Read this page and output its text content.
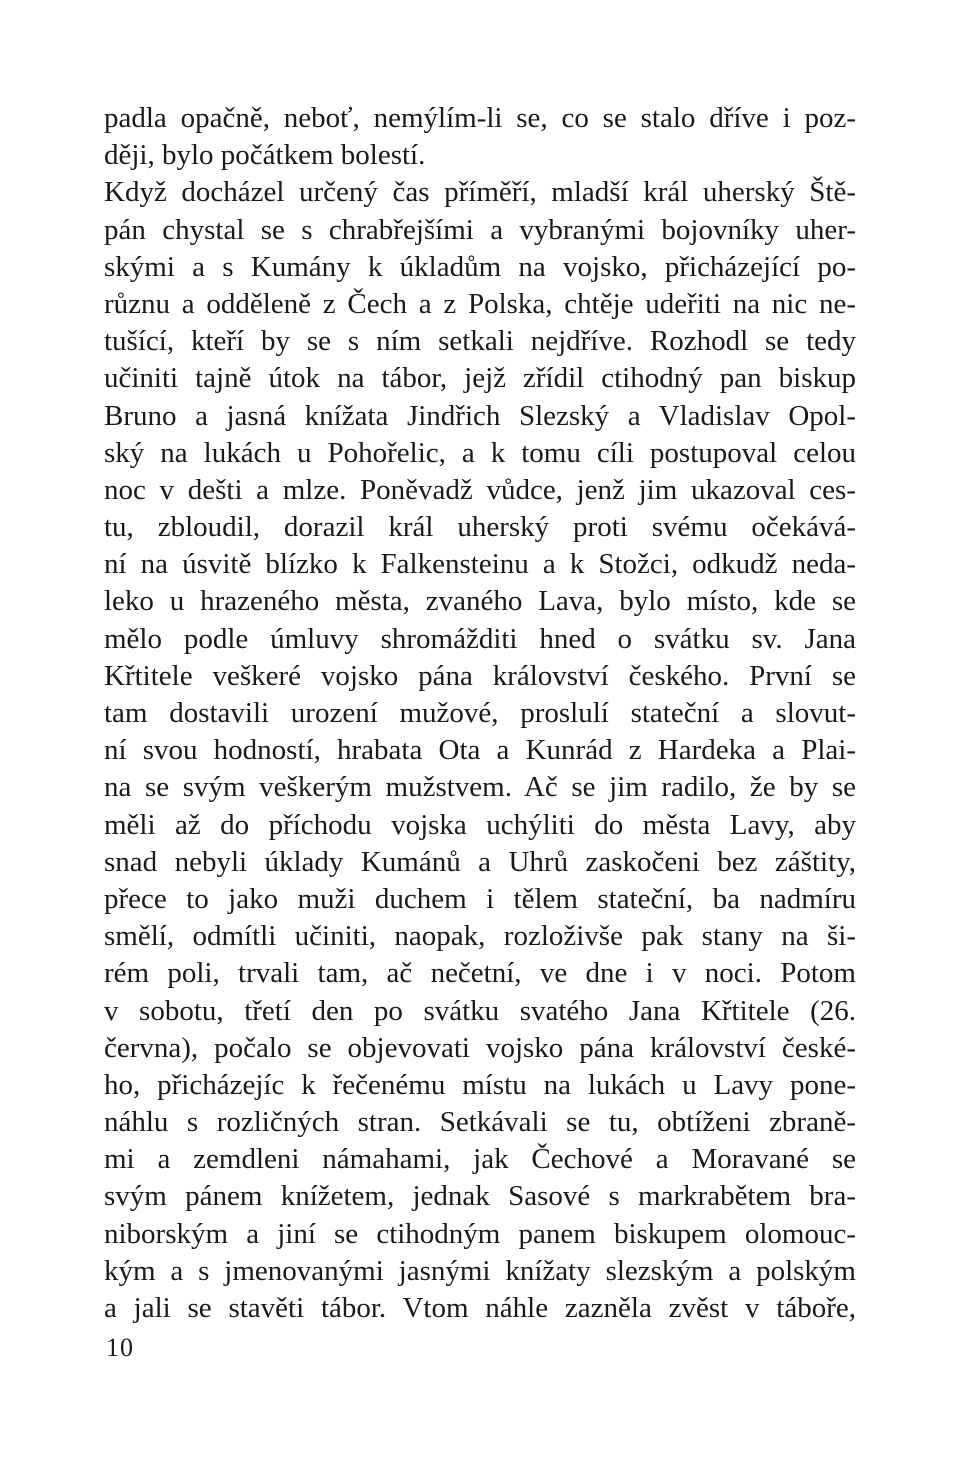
padla opačně, neboť, nemýlím-li se, co se stalo dříve i poz-
ději, bylo počátkem bolestí.
Když docházel určený čas příměří, mladší král uherský Ště-
pán chystal se s chrabřejšími a vybranými bojovníky uher-
skými a s Kumány k úkladům na vojsko, přicházející po-
různu a odděleně z Čech a z Polska, chtěje udeřiti na nic ne-
tušící, kteří by se s ním setkali nejdříve. Rozhodl se tedy
učiniti tajně útok na tábor, jejž zřídil ctihodný pan biskup
Bruno a jasná knížata Jindřich Slezský a Vladislav Opol-
ský na lukách u Pohořelic, a k tomu cíli postupoval celou
noc v dešti a mlze. Poněvadž vůdce, jenž jim ukazoval ces-
tu, zbloudil, dorazil král uherský proti svému očekává-
ní na úsvitě blízko k Falkensteinu a k Stožci, odkudž neda-
leko u hrazeného města, zvaného Lava, bylo místo, kde se
mělo podle úmluvy shromážditi hned o svátku sv. Jana
Křtitele veškeré vojsko pána království českého. První se
tam dostavili urození mužové, proslulí stateční a slovut-
ní svou hodností, hrabata Ota a Kunrád z Hardeka a Plai-
na se svým veškerým mužstvem. Ač se jim radilo, že by se
měli až do příchodu vojska uchýliti do města Lavy, aby
snad nebyli úklady Kumánů a Uhrů zaskočeni bez záštity,
přece to jako muži duchem i tělem stateční, ba nadmíru
smělí, odmítli učiniti, naopak, rozloživše pak stany na ši-
rém poli, trvali tam, ač nečetní, ve dne i v noci. Potom
v sobotu, třetí den po svátku svatého Jana Křtitele (26.
června), počalo se objevovati vojsko pána království české-
ho, přicházejíc k řečenému místu na lukách u Lavy pone-
náhlu s rozličných stran. Setkávali se tu, obtíženi zbraně-
mi a zemdleni námahami, jak Čechové a Moravané se
svým pánem knížetem, jednak Sasové s markrabětem bra-
niborským a jiní se ctihodným panem biskupem olomouc-
kým a s jmenovanými jasnými knížaty slezským a polským
a jali se stavěti tábor. Vtom náhle zazněla zvěst v táboře,
10
